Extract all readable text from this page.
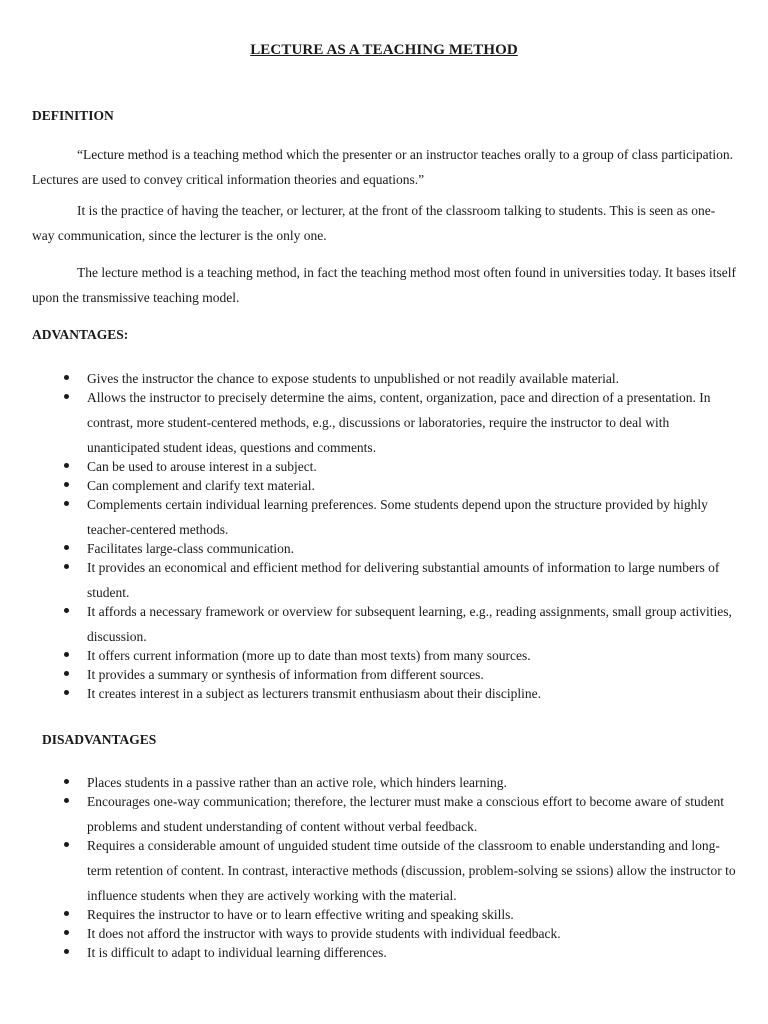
LECTURE AS A TEACHING METHOD
DEFINITION

“Lecture method is a teaching method which the presenter or an instructor teaches orally to a group of class participation. Lectures are used to convey critical information theories and equations.”

It is the practice of having the teacher, or lecturer, at the front of the classroom talking to students. This is seen as one-way communication, since the lecturer is the only one.

The lecture method is a teaching method, in fact the teaching method most often found in universities today. It bases itself upon the transmissive teaching model.

ADVANTAGES:
Gives the instructor the chance to expose students to unpublished or not readily available material.
Allows the instructor to precisely determine the aims, content, organization, pace and direction of a presentation. In contrast, more student-centered methods, e.g., discussions or laboratories, require the instructor to deal with unanticipated student ideas, questions and comments.
Can be used to arouse interest in a subject.
Can complement and clarify text material.
Complements certain individual learning preferences. Some students depend upon the structure provided by highly teacher-centered methods.
Facilitates large-class communication.
It provides an economical and efficient method for delivering substantial amounts of information to large numbers of student.
It affords a necessary framework or overview for subsequent learning, e.g., reading assignments, small group activities, discussion.
It offers current information (more up to date than most texts) from many sources.
It provides a summary or synthesis of information from different sources.
It creates interest in a subject as lecturers transmit enthusiasm about their discipline.
DISADVANTAGES
Places students in a passive rather than an active role, which hinders learning.
Encourages one-way communication; therefore, the lecturer must make a conscious effort to become aware of student problems and student understanding of content without verbal feedback.
Requires a considerable amount of unguided student time outside of the classroom to enable understanding and long-term retention of content. In contrast, interactive methods (discussion, problem-solving se ssions) allow the instructor to influence students when they are actively working with the material.
Requires the instructor to have or to learn effective writing and speaking skills.
It does not afford the instructor with ways to provide students with individual feedback.
It is difficult to adapt to individual learning differences.
